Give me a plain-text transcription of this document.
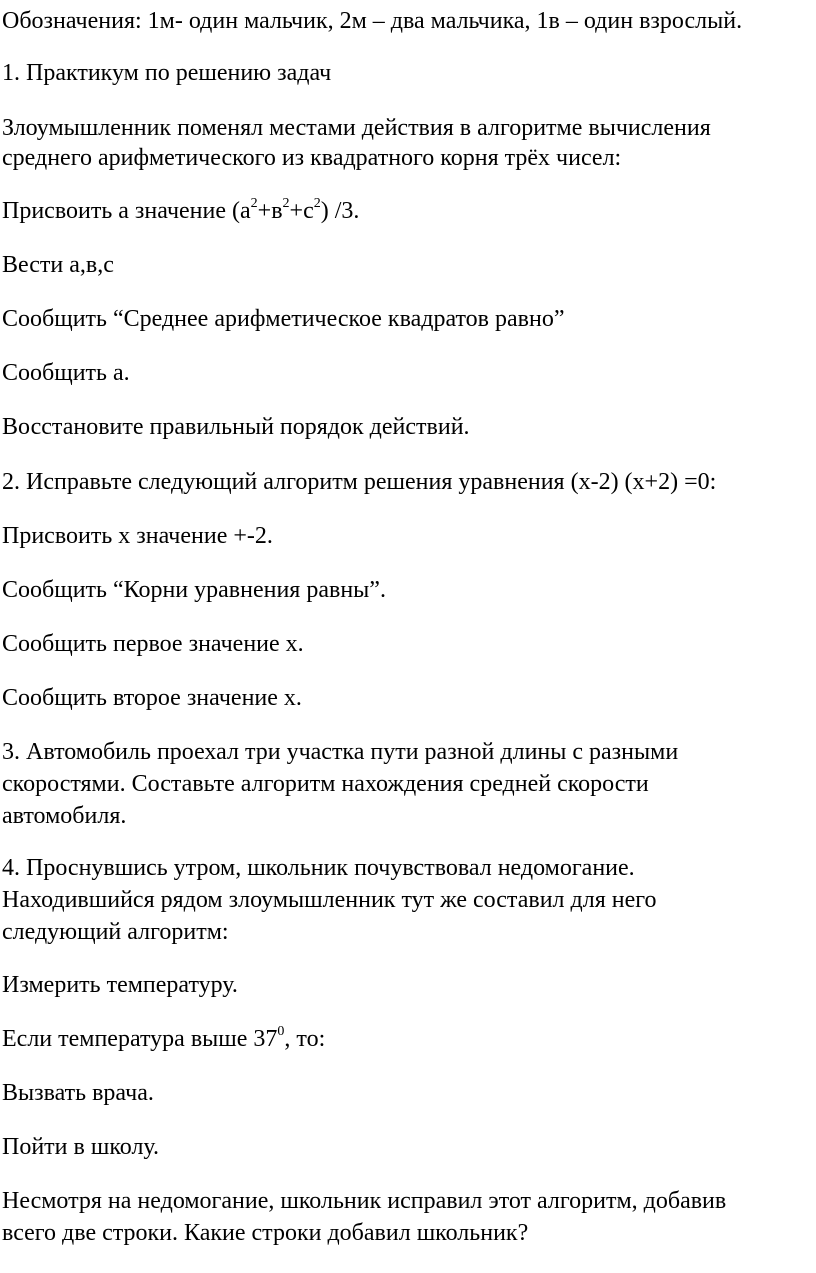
Обозначения: 1м- один мальчик, 2м – два мальчика, 1в – один взрослый.
1. Практикум по решению задач
Злоумышленник поменял местами действия в алгоритме вычисления
среднего арифметического из квадратного корня трёх чисел:
Присвоить а значение $(а^2+в^2+с^2)$ /3.
Вести а,в,с
Сообщить “Среднее арифметическое квадратов равно”
Сообщить а.
Восстановите правильный порядок действий.
2. Исправьте следующий алгоритм решения уравнения (х-2) (х+2) =0:
Присвоить х значение +-2.
Сообщить “Корни уравнения равны”.
Сообщить первое значение х.
Сообщить второе значение х.
3. Автомобиль проехал три участка пути разной длины с разными
скоростями. Составьте алгоритм нахождения средней скорости
автомобиля.
4. Проснувшись утром, школьник почувствовал недомогание.
Находившийся рядом злоумышленник тут же составил для него
следующий алгоритм:
Измерить температуру.
Если температура выше $37^0$, то:
Вызвать врача.
Пойти в школу.
Несмотря на недомогание, школьник исправил этот алгоритм, добавив
всего две строки. Какие строки добавил школьник?
